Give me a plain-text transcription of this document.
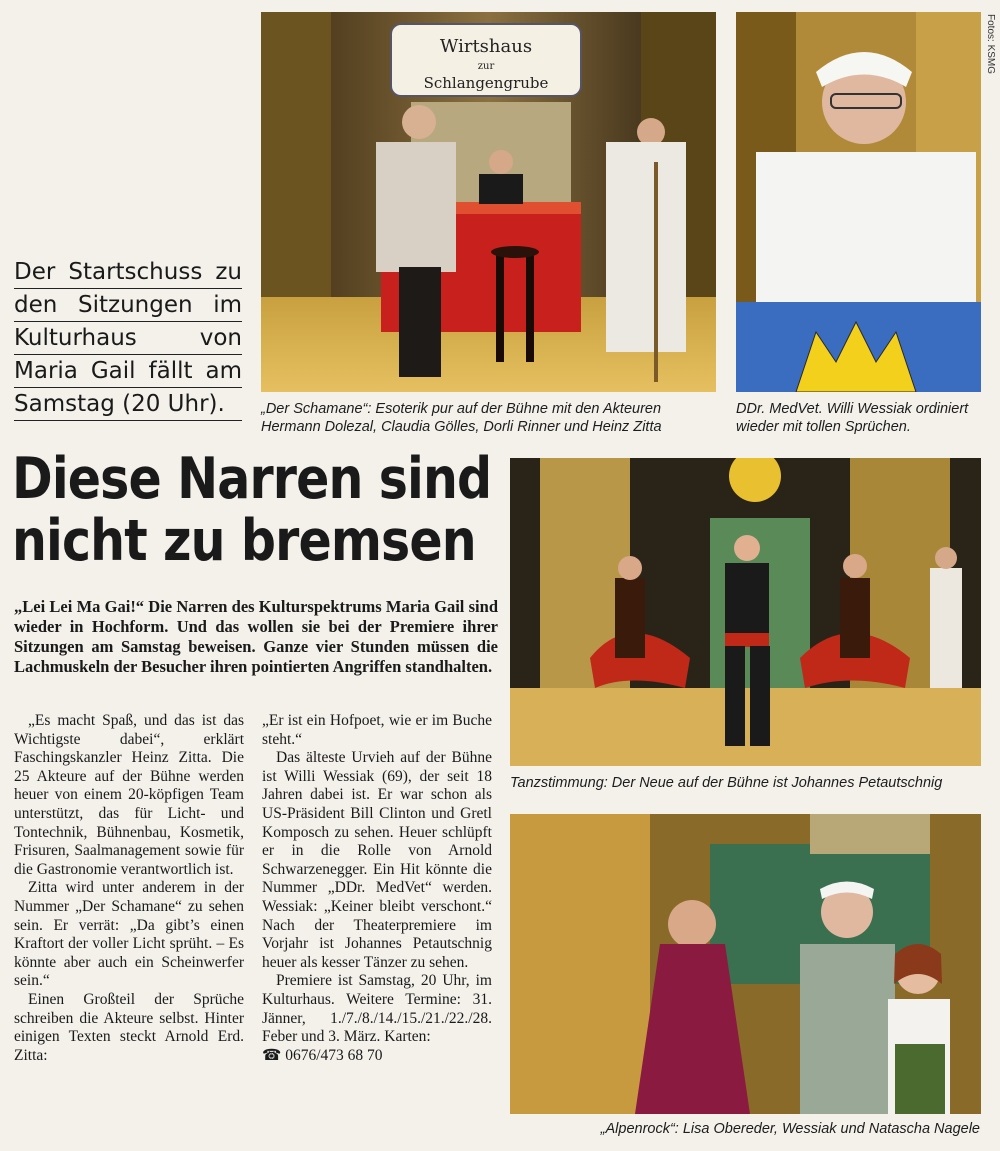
Wirtshaus
zur
Schlangengrube
Fotos: KSMG
Der Startschuss zu
den Sitzungen im
Kulturhaus von
Maria Gail fällt am
Samstag (20 Uhr).	„Der Schamane“: Esoterik pur auf der Bühne mit den Akteuren Hermann Dolezal, Claudia Gölles, Dorli Rinner und Heinz Zitta
DDr. MedVet. Willi Wessiak ordiniert wieder mit tollen Sprüchen.
Diese Narren sind
nicht zu bremsen
„Lei Lei Ma Gai!“ Die Narren des Kulturspektrums Maria Gail sind wieder in Hochform. Und das wollen sie bei der Premiere ihrer Sitzungen am Samstag beweisen. Ganze vier Stunden müssen die Lachmuskeln der Besucher ihren pointierten Angriffen standhalten.

„Es macht Spaß, und das ist das Wichtigste dabei“, erklärt Faschingskanzler Heinz Zitta. Die 25 Akteure auf der Bühne werden heuer von einem 20-köpfigen Team unterstützt, das für Licht- und Tontechnik, Bühnenbau, Kosmetik, Frisuren, Saalmanagement sowie für die Gastronomie verantwortlich ist.

Zitta wird unter anderem in der Nummer „Der Schamane“ zu sehen sein. Er verrät: „Da gibt’s einen Kraftort der voller Licht sprüht. – Es könnte aber auch ein Scheinwerfer sein.“

Einen Großteil der Sprüche schreiben die Akteure selbst. Hinter einigen Texten steckt Arnold Erd. Zitta:

„Er ist ein Hofpoet, wie er im Buche steht.“

Das älteste Urvieh auf der Bühne ist Willi Wessiak (69), der seit 18 Jahren dabei ist. Er war schon als US-Präsident Bill Clinton und Gretl Komposch zu sehen. Heuer schlüpft er in die Rolle von Arnold Schwarzenegger. Ein Hit könnte die Nummer „DDr. MedVet“ werden. Wessiak: „Keiner bleibt verschont.“ Nach der Theaterpremiere im Vorjahr ist Johannes Petautschnig heuer als kesser Tänzer zu sehen.

Premiere ist Samstag, 20 Uhr, im Kulturhaus. Weitere Termine: 31. Jänner, 1./7./8./14./15./21./22./28. Feber und 3. März. Karten:

☎ 0676/473 68 70

Tanzstimmung: Der Neue auf der Bühne ist Johannes Petautschnig
„Alpenrock“: Lisa Obereder, Wessiak und Natascha Nagele
